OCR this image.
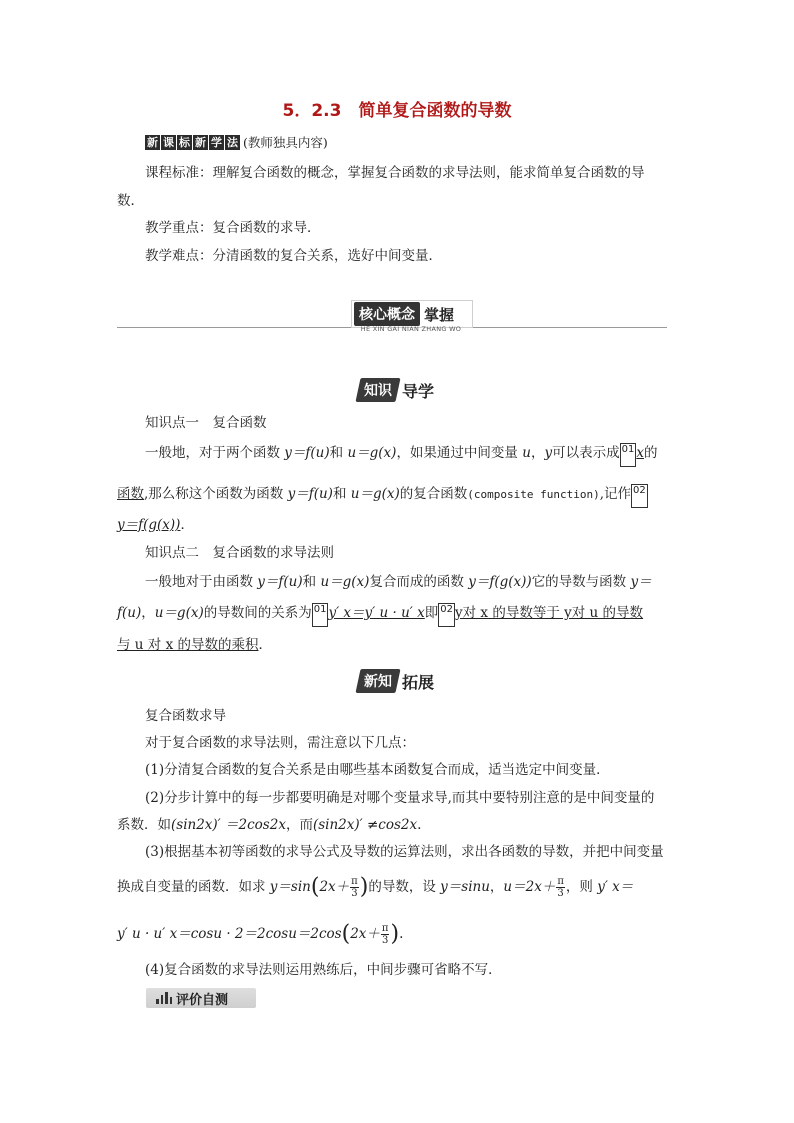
5．2.3　简单复合函数的导数
新 课 标 新 学 法 (教师独具内容)
课程标准：理解复合函数的概念，掌握复合函数的求导法则，能求简单复合函数的导
数．
教学重点：复合函数的求导．
教学难点：分清函数的复合关系，选好中间变量．
核心概念 掌握
HE XIN GAI NIAN ZHANG WO
知识 导学
知识点一　复合函数
一般地，对于两个函数 y＝f(u)和 u＝g(x)，如果通过中间变量 u，y可以表示成 01 x的
函数,那么称这个函数为函数 y＝f(u)和 u＝g(x)的复合函数(composite function),记作 02
y＝f(g(x))．
知识点二　复合函数的求导法则
一般地对于由函数 y＝f(u)和 u＝g(x)复合而成的函数 y＝f(g(x))它的导数与函数 y＝
f(u)，u＝g(x)的导数间的关系为 01 y′ x＝y′ u · u′ x即 02 y对 x 的导数等于 y对 u 的导数
与 u 对 x 的导数的乘积．
新知 拓展
复合函数求导
对于复合函数的求导法则，需注意以下几点：
(1)分清复合函数的复合关系是由哪些基本函数复合而成，适当选定中间变量．
(2)分步计算中的每一步都要明确是对哪个变量求导,而其中要特别注意的是中间变量的
系数．如(sin2x)′ ＝2cos2x，而(sin2x)′ ≠cos2x.
(3)根据基本初等函数的求导公式及导数的运算法则，求出各函数的导数，并把中间变量
换成自变量的函数．如求 $y=\sin(2x+ \frac{\pi}{3}$ )的导数，设 y＝sinu，$u=2x+ \frac{\pi}{3}$ ，则 y′ x＝
y′ u · u′ $x=\cos u \cdot 2=2\cos u=2\cos(2x+ \frac{\pi}{3}$ ).
(4)复合函数的求导法则运用熟练后，中间步骤可省略不写．
评价自测
